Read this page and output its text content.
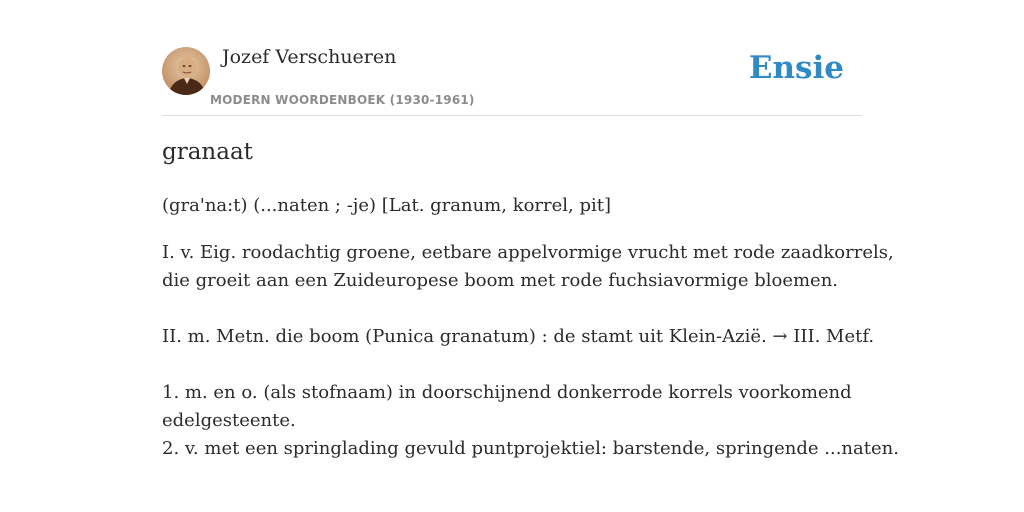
Jozef Verschueren
MODERN WOORDENBOEK (1930-1961)
Ensie
granaat
(gra'na:t) (...naten ; -je) [Lat. granum, korrel, pit]

I. v. Eig. roodachtig groene, eetbare appelvormige vrucht met rode zaadkorrels,

die groeit aan een Zuideuropese boom met rode fuchsiavormige bloemen.

II. m. Metn. die boom (Punica granatum) : de stamt uit Klein-Azië. → III. Metf.

1. m. en o. (als stofnaam) in doorschijnend donkerrode korrels voorkomend

edelgesteente.

2. v. met een springlading gevuld puntprojektiel: barstende, springende ...naten.
